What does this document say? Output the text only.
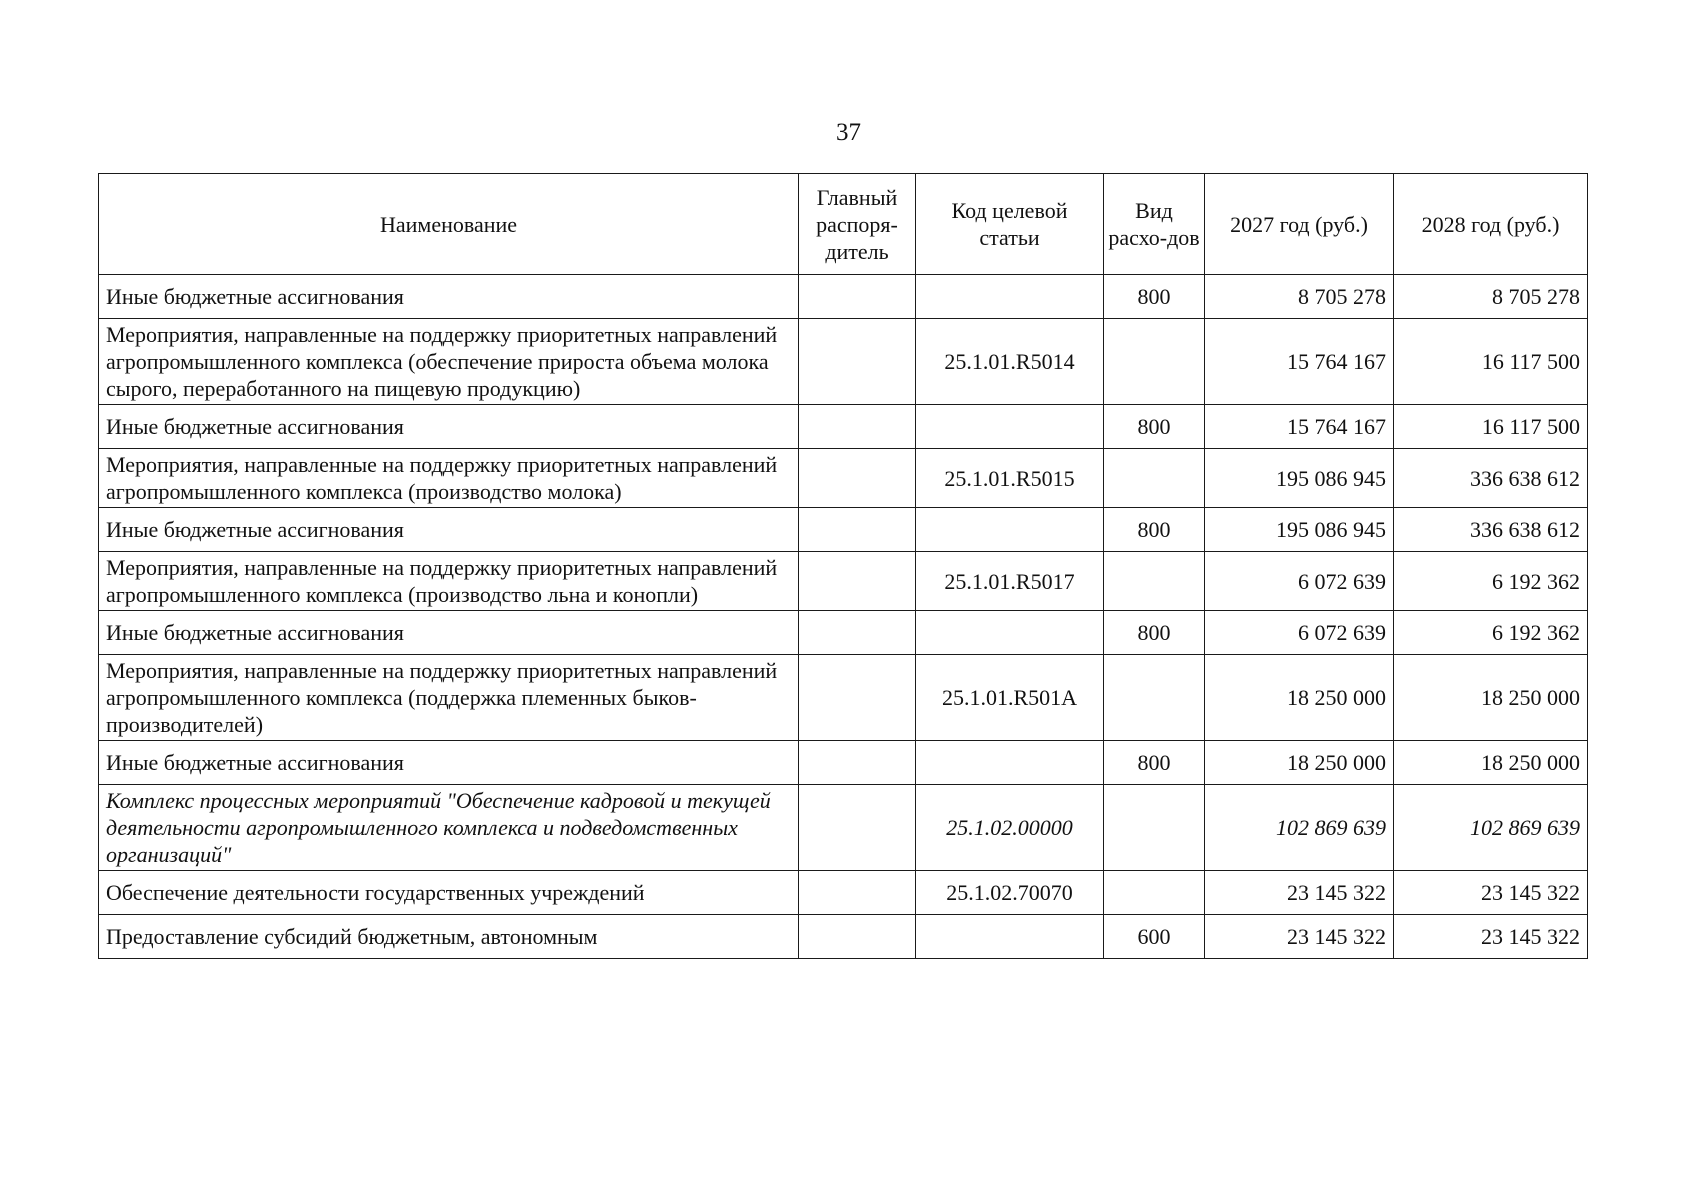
37
Наименование	Главный распоря-дитель	Код целевой статьи	Вид расхо-дов	2027 год (руб.)	2028 год (руб.)
Иные бюджетные ассигнования			800	8 705 278	8 705 278
Мероприятия, направленные на поддержку приоритетных направлений агропромышленного комплекса (обеспечение прироста объема молока сырого, переработанного на пищевую продукцию)		25.1.01.R5014		15 764 167	16 117 500
Иные бюджетные ассигнования			800	15 764 167	16 117 500
Мероприятия, направленные на поддержку приоритетных направлений агропромышленного комплекса (производство молока)		25.1.01.R5015		195 086 945	336 638 612
Иные бюджетные ассигнования			800	195 086 945	336 638 612
Мероприятия, направленные на поддержку приоритетных направлений агропромышленного комплекса (производство льна и конопли)		25.1.01.R5017		6 072 639	6 192 362
Иные бюджетные ассигнования			800	6 072 639	6 192 362
Мероприятия, направленные на поддержку приоритетных направлений агропромышленного комплекса (поддержка племенных быков-производителей)		25.1.01.R501A		18 250 000	18 250 000
Иные бюджетные ассигнования			800	18 250 000	18 250 000
Комплекс процессных мероприятий "Обеспечение кадровой и текущей деятельности агропромышленного комплекса и подведомственных организаций"		25.1.02.00000		102 869 639	102 869 639
Обеспечение деятельности государственных учреждений		25.1.02.70070		23 145 322	23 145 322
Предоставление субсидий бюджетным, автономным			600	23 145 322	23 145 322
